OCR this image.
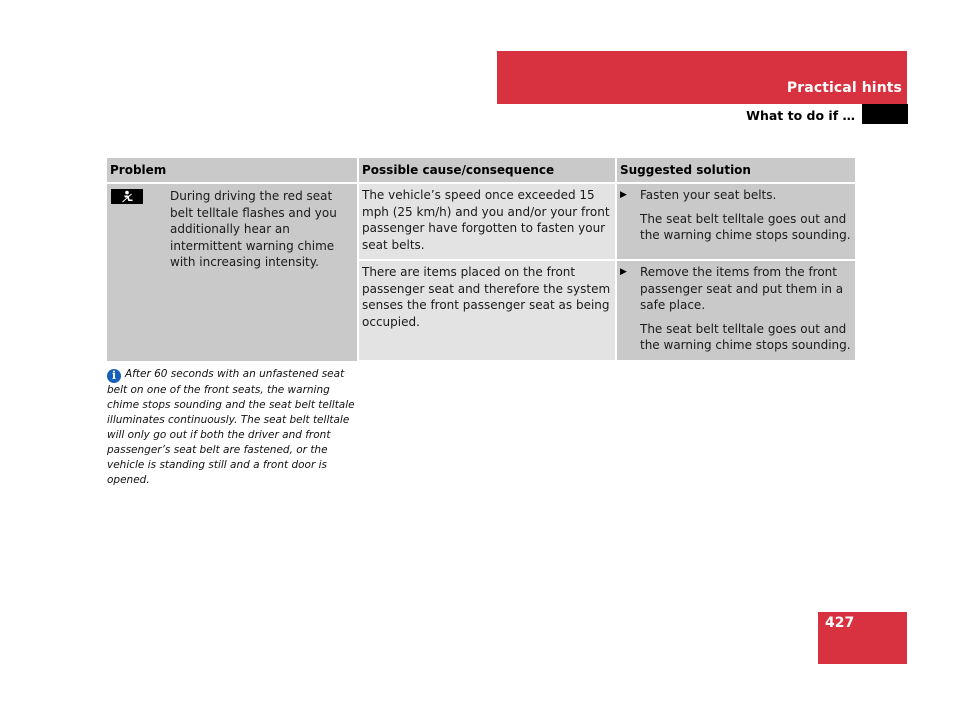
Practical hints
What to do if …
Problem	Possible cause/consequence	Suggested solution

During driving the red seat belt telltale flashes and you additionally hear an intermittent warning chime with increasing intensity.	The vehicle’s speed once exceeded 15 mph (25 km/h) and you and/or your front passenger have forgotten to fasten your seat belts.	▶ Fasten your seat belts.
The seat belt telltale goes out and the warning chime stops sounding.

	There are items placed on the front passenger seat and therefore the system senses the front passenger seat as being occupied.	▶ Remove the items from the front passenger seat and put them in a safe place.
The seat belt telltale goes out and the warning chime stops sounding.
i After 60 seconds with an unfastened seat belt on one of the front seats, the warning chime stops sounding and the seat belt telltale illuminates continuously. The seat belt telltale will only go out if both the driver and front passenger’s seat belt are fastened, or the vehicle is standing still and a front door is opened.
427
